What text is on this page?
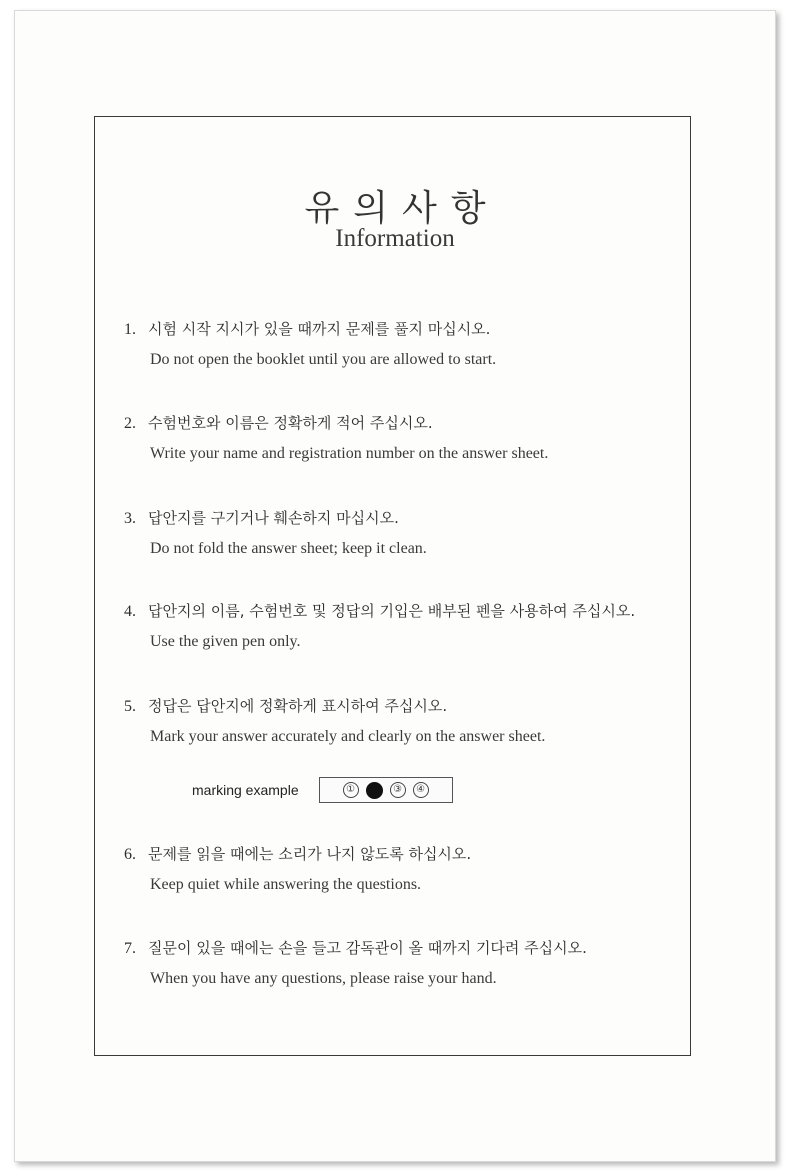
유의사항
Information
1. 시험 시작 지시가 있을 때까지 문제를 풀지 마십시오.
Do not open the booklet until you are allowed to start.
2. 수험번호와 이름은 정확하게 적어 주십시오.
Write your name and registration number on the answer sheet.
3. 답안지를 구기거나 훼손하지 마십시오.
Do not fold the answer sheet; keep it clean.
4. 답안지의 이름, 수험번호 및 정답의 기입은 배부된 펜을 사용하여 주십시오.
Use the given pen only.
5. 정답은 답안지에 정확하게 표시하여 주십시오.
Mark your answer accurately and clearly on the answer sheet.
marking example	①	③	④
6. 문제를 읽을 때에는 소리가 나지 않도록 하십시오.
Keep quiet while answering the questions.
7. 질문이 있을 때에는 손을 들고 감독관이 올 때까지 기다려 주십시오.
When you have any questions, please raise your hand.
